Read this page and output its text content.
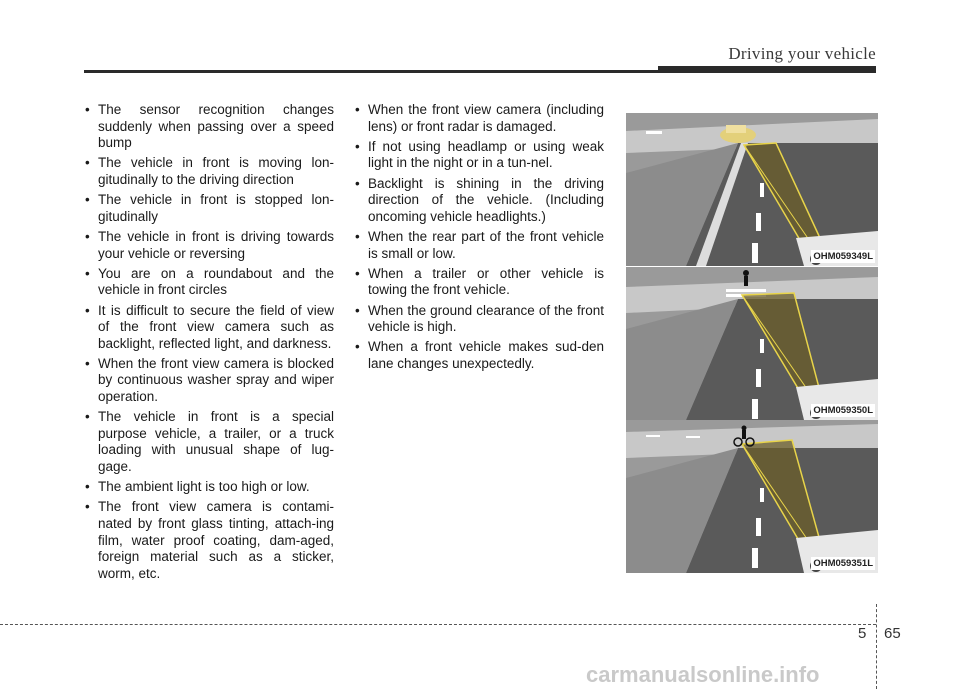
Driving your vehicle
• The sensor recognition changes suddenly when passing over a speed bump
• The vehicle in front is moving lon-gitudinally to the driving direction
• The vehicle in front is stopped lon-gitudinally
• The vehicle in front is driving towards your vehicle or reversing
• You are on a roundabout and the vehicle in front circles
• It is difficult to secure the field of view of the front view camera such as backlight, reflected light, and darkness.
• When the front view camera is blocked by continuous washer spray and wiper operation.
• The vehicle in front is a special purpose vehicle, a trailer, or a truck loading with unusual shape of lug-gage.
• The ambient light is too high or low.
• The front view camera is contami-nated by front glass tinting, attach-ing film, water proof coating, dam-aged, foreign material such as a sticker, worm, etc.
• When the front view camera (including lens) or front radar is damaged.
• If not using headlamp or using weak light in the night or in a tun-nel.
• Backlight is shining in the driving direction of the vehicle. (Including oncoming vehicle headlights.)
• When the rear part of the front vehicle is small or low.
• When a trailer or other vehicle is towing the front vehicle.
• When the ground clearance of the front vehicle is high.
• When a front vehicle makes sud-den lane changes unexpectedly.
OHM059349L
OHM059350L
OHM059351L
5 65
carmanualsonline.info
